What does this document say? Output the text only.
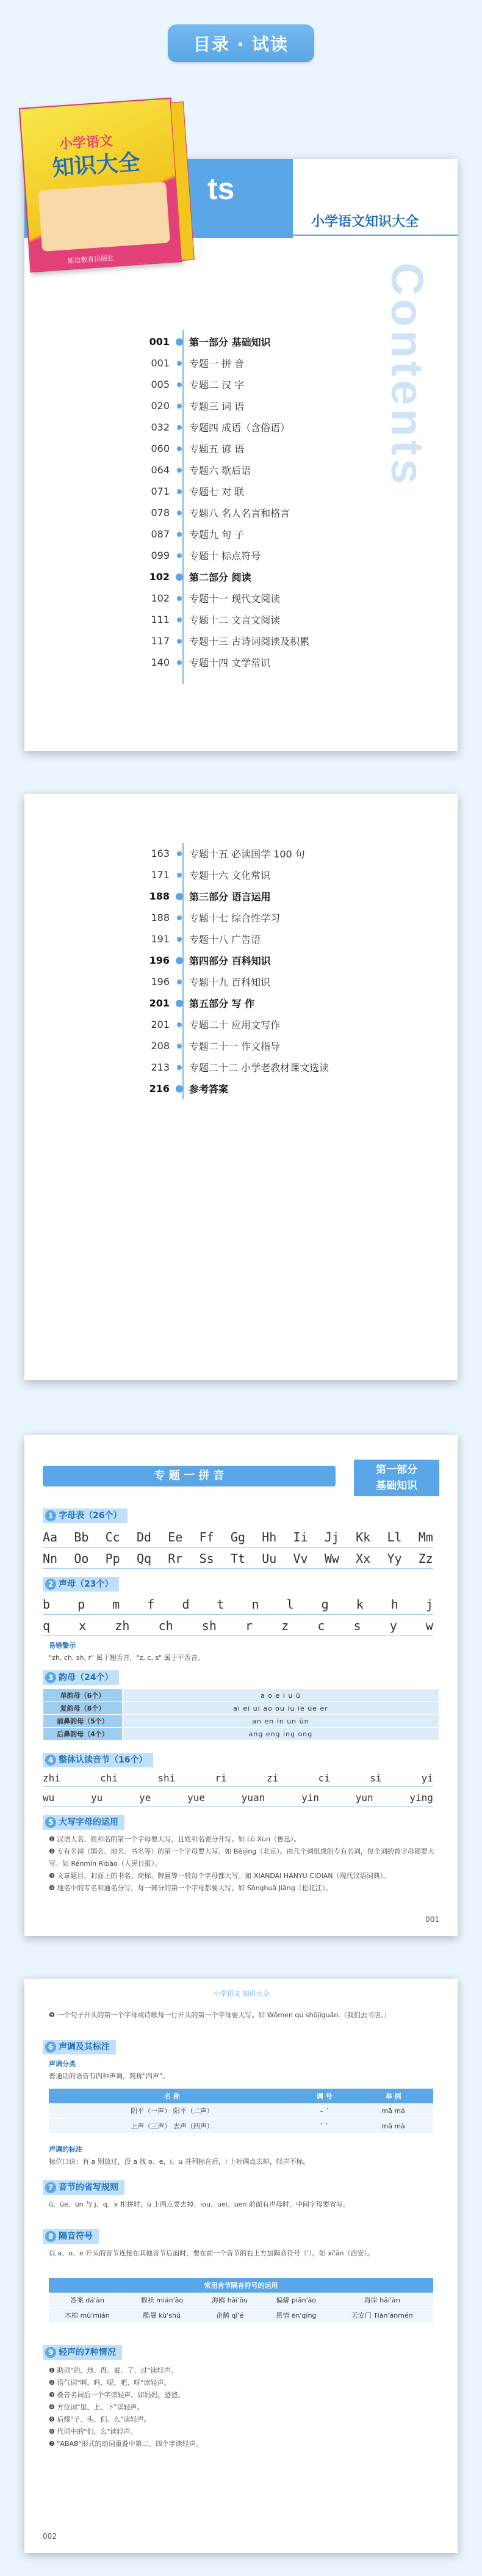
目录 · 试读
ts
小学语文知识大全
Contents
001 第一部分 基础知识
001 专题一 拼 音
005 专题二 汉 字
020 专题三 词 语
032 专题四 成语（含俗语）
060 专题五 谚 语
064 专题六 歇后语
071 专题七 对 联
078 专题八 名人名言和格言
087 专题九 句 子
099 专题十 标点符号
102 第二部分 阅读
102 专题十一 现代文阅读
111 专题十二 文言文阅读
117 专题十三 古诗词阅读及积累
140 专题十四 文学常识
小学语文
知识大全
延边教育出版社
163 专题十五 必读国学 100 句
171 专题十六 文化常识
188 第三部分 语言运用
188 专题十七 综合性学习
191 专题十八 广告语
196 第四部分 百科知识
196 专题十九 百科知识
201 第五部分 写 作
201 专题二十 应用文写作
208 专题二十一 作文指导
213 专题二十二 小学老教材课文选读
216 参考答案
专 题 一 拼 音	第一部分
基础知识
1 字母表（26个）
Aa Bb Cc Dd Ee Ff Gg Hh Ii Jj Kk Ll Mm
Nn Oo Pp Qq Rr Ss Tt Uu Vv Ww Xx Yy Zz
2 声母（23个）
b p m f d t n l g k h j
q x zh ch sh r z c s y w
易错警示
"zh, ch, sh, r" 属于翘舌音，"z, c, s" 属于平舌音。
3 韵母（24个）
单韵母（6个）	a o e i u ü
复韵母（8个）	ai ei ui ao ou iu ie üe er
前鼻韵母（5个）	an en in un ün
后鼻韵母（4个）	ang eng ing ong
4 整体认读音节（16个）
zhi	chi	shi	ri	zi	ci	si	yi
wu	yu	ye	yue	yuan	yin	yun	ying
5 大写字母的运用
❶ 汉语人名、姓和名的第一个字母要大写，且姓和名要分开写。如 Lǔ Xùn（鲁迅）。
❷ 专有名词（国名、地名、书名等）的第一个字母要大写。如 Běijīng（北京）。由几个词组成的专有名词，每个词的首字母都要大写。如 Rénmín Rìbào（人民日报）。
❸ 文章题目、封面上的书名、商标、牌匾等一般每个字母都大写。如 XIANDAI HANYU CIDIAN（现代汉语词典）。
❹ 地名中的专名和通名分写，每一部分的第一个字母都要大写。如 Sōnghuā Jiāng（松花江）。
001
小学语文 知识大全
❺ 一个句子开头的第一个字母或诗歌每一行开头的第一个字母要大写。如 Wǒmen qù shūjìguǎn.（我们去书店。）
6 声调及其标注
声调分类
普通话的语音有四种声调，简称"四声"。
名 称	调 号	举 例
阴平（一声） 阳平（二声）	– ˊ	mā má
上声（三声） 去声（四声）	ˇ ˋ	mǎ mà
声调的标注
标位口诀：有 a 别放过，没 a 找 o、e，i、u 并列标在后，i 上标调点去掉，轻声不标。
7 音节的省写规则
ü、üe、ün 与 j、q、x 相拼时，ü 上两点要去掉；iou、uei、uen 前面有声母时，中间字母要省写。
8 隔音符号
以 a、o、e 开头的音节连接在其他音节后面时，要在前一个音节的右上方加隔音符号（'）。如 xī'ān（西安）。
常用音节隔音符号的运用				
答案 dá'àn	棉袄 mián'ǎo	海鸥 hǎi'ōu	偏僻 piān'ào	海岸 hǎi'àn
木棉 mù'mián	酷暑 kù'shǔ	企鹅 qǐ'é	恩情 ēn'qíng	天安门 Tiān'ānmén
9 轻声的7种情况
❶ 助词"的、地、得、着、了、过"读轻声。
❷ 语气词"啊、吗、呢、吧、呀"读轻声。
❸ 叠音名词后一个字读轻声。如妈妈、爸爸。
❹ 方位词"里、上、下"读轻声。
❺ 后缀"子、头、们、么"读轻声。
❻ 代词中的"们、么"读轻声。
❼ "ABAB"形式的动词重叠中第二、四个字读轻声。
002
